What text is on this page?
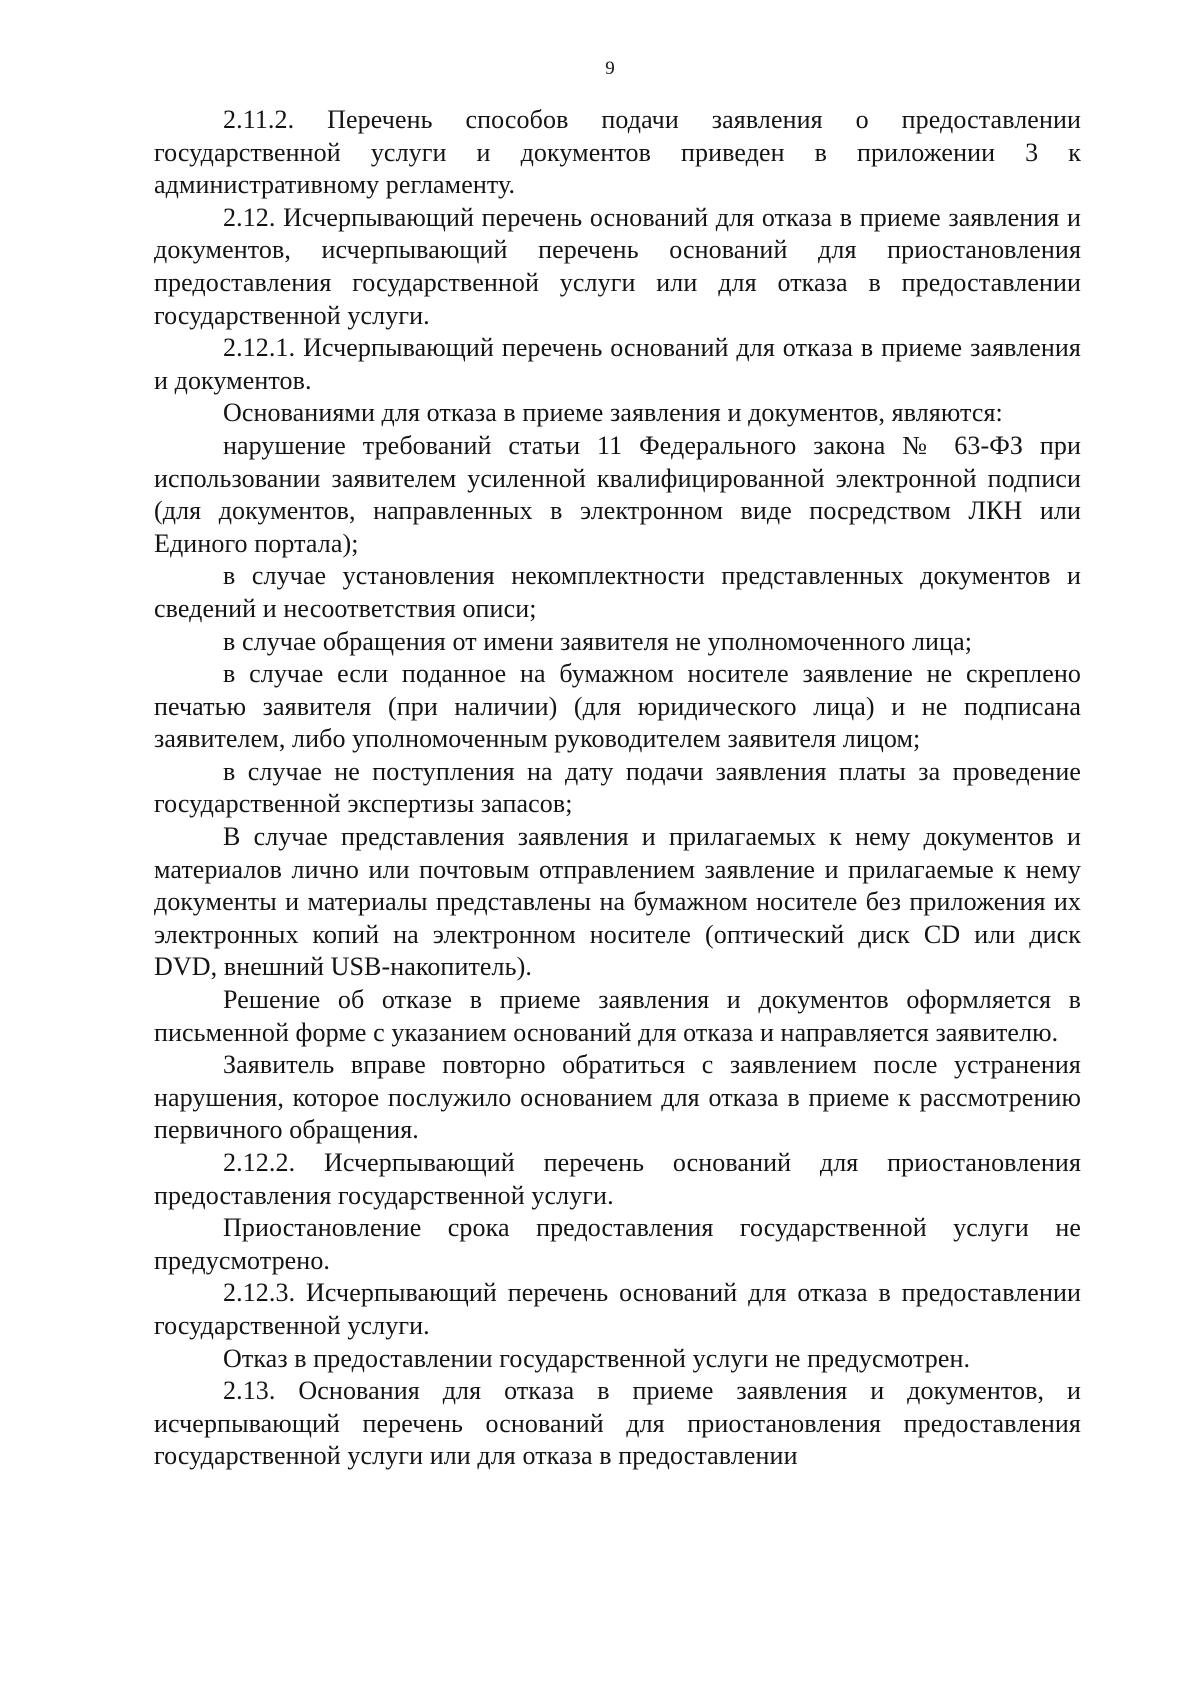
9

2.11.2. Перечень способов подачи заявления о предоставлении государственной услуги и документов приведен в приложении 3 к административному регламенту.

2.12. Исчерпывающий перечень оснований для отказа в приеме заявления и документов, исчерпывающий перечень оснований для приостановления предоставления государственной услуги или для отказа в предоставлении государственной услуги.

2.12.1. Исчерпывающий перечень оснований для отказа в приеме заявления и документов.

Основаниями для отказа в приеме заявления и документов, являются:

нарушение требований статьи 11 Федерального закона № 63-ФЗ при использовании заявителем усиленной квалифицированной электронной подписи (для документов, направленных в электронном виде посредством ЛКН или Единого портала);

в случае установления некомплектности представленных документов и сведений и несоответствия описи;

в случае обращения от имени заявителя не уполномоченного лица;

в случае если поданное на бумажном носителе заявление не скреплено печатью заявителя (при наличии) (для юридического лица) и не подписана заявителем, либо уполномоченным руководителем заявителя лицом;

в случае не поступления на дату подачи заявления платы за проведение государственной экспертизы запасов;

В случае представления заявления и прилагаемых к нему документов и материалов лично или почтовым отправлением заявление и прилагаемые к нему документы и материалы представлены на бумажном носителе без приложения их электронных копий на электронном носителе (оптический диск CD или диск DVD, внешний USB-накопитель).

Решение об отказе в приеме заявления и документов оформляется в письменной форме с указанием оснований для отказа и направляется заявителю.

Заявитель вправе повторно обратиться с заявлением после устранения нарушения, которое послужило основанием для отказа в приеме к рассмотрению первичного обращения.

2.12.2. Исчерпывающий перечень оснований для приостановления предоставления государственной услуги.

Приостановление срока предоставления государственной услуги не предусмотрено.

2.12.3. Исчерпывающий перечень оснований для отказа в предоставлении государственной услуги.

Отказ в предоставлении государственной услуги не предусмотрен.

2.13. Основания для отказа в приеме заявления и документов, и исчерпывающий перечень оснований для приостановления предоставления государственной услуги или для отказа в предоставлении
